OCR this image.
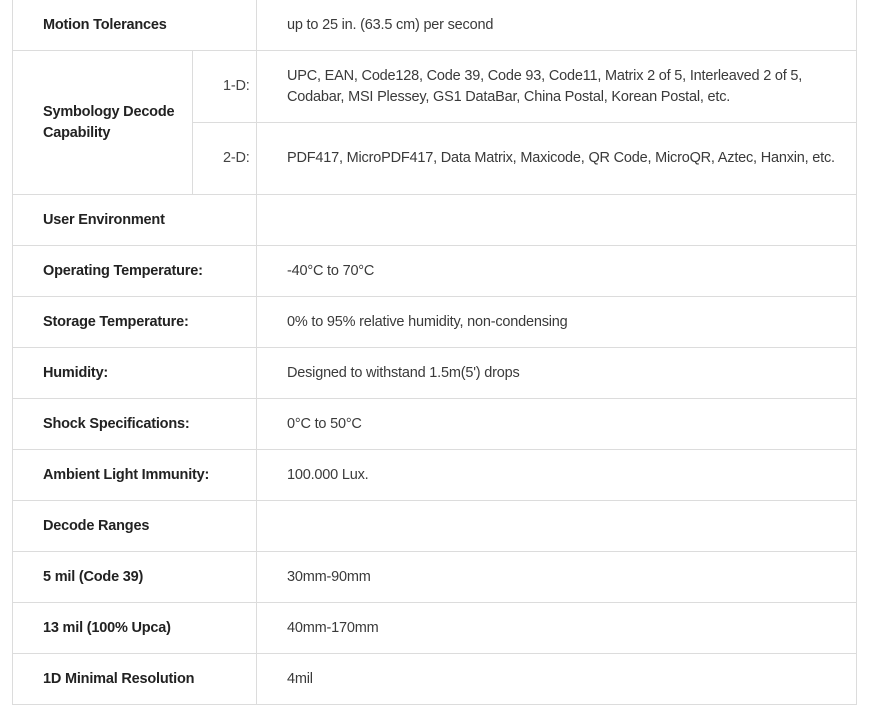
Motion Tolerances		up to 25 in. (63.5 cm) per second
Symbology Decode Capability	1-D:	UPC, EAN, Code128, Code 39, Code 93, Code11, Matrix 2 of 5, Interleaved 2 of 5, Codabar, MSI Plessey, GS1 DataBar, China Postal, Korean Postal, etc.
	2-D:	PDF417, MicroPDF417, Data Matrix, Maxicode, QR Code, MicroQR, Aztec, Hanxin, etc.
User Environment		
Operating Temperature:		-40°C to 70°C
Storage Temperature:		0% to 95% relative humidity, non-condensing
Humidity:		Designed to withstand 1.5m(5') drops
Shock Specifications:		0°C to 50°C
Ambient Light Immunity:		100.000 Lux.
Decode Ranges		
5 mil (Code 39)		30mm-90mm
13 mil (100% Upca)		40mm-170mm
1D Minimal Resolution		4mil
